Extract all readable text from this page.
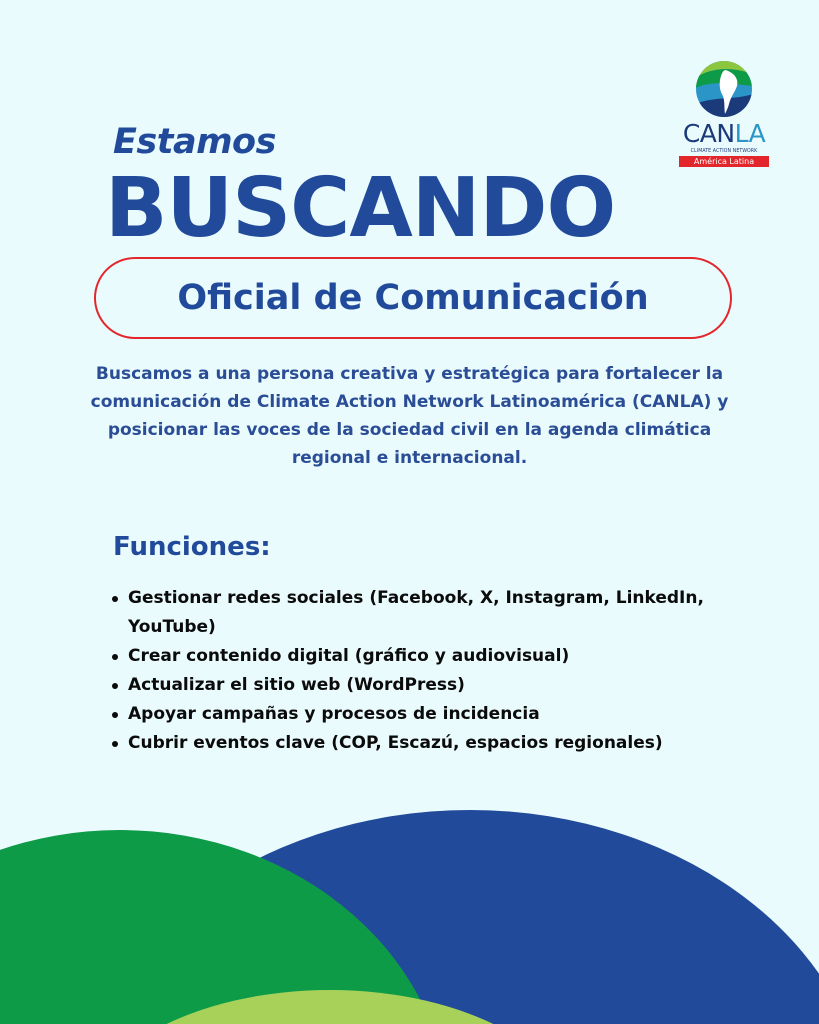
CANLA
CLIMATE ACTION NETWORK
América Latina
Estamos
BUSCANDO
Oficial de Comunicación
Buscamos a una persona creativa y estratégica para fortalecer la comunicación de Climate Action Network Latinoamérica (CANLA) y posicionar las voces de la sociedad civil en la agenda climática regional e internacional.
Funciones:
Gestionar redes sociales (Facebook, X, Instagram, LinkedIn, YouTube)
Crear contenido digital (gráfico y audiovisual)
Actualizar el sitio web (WordPress)
Apoyar campañas y procesos de incidencia
Cubrir eventos clave (COP, Escazú, espacios regionales)
